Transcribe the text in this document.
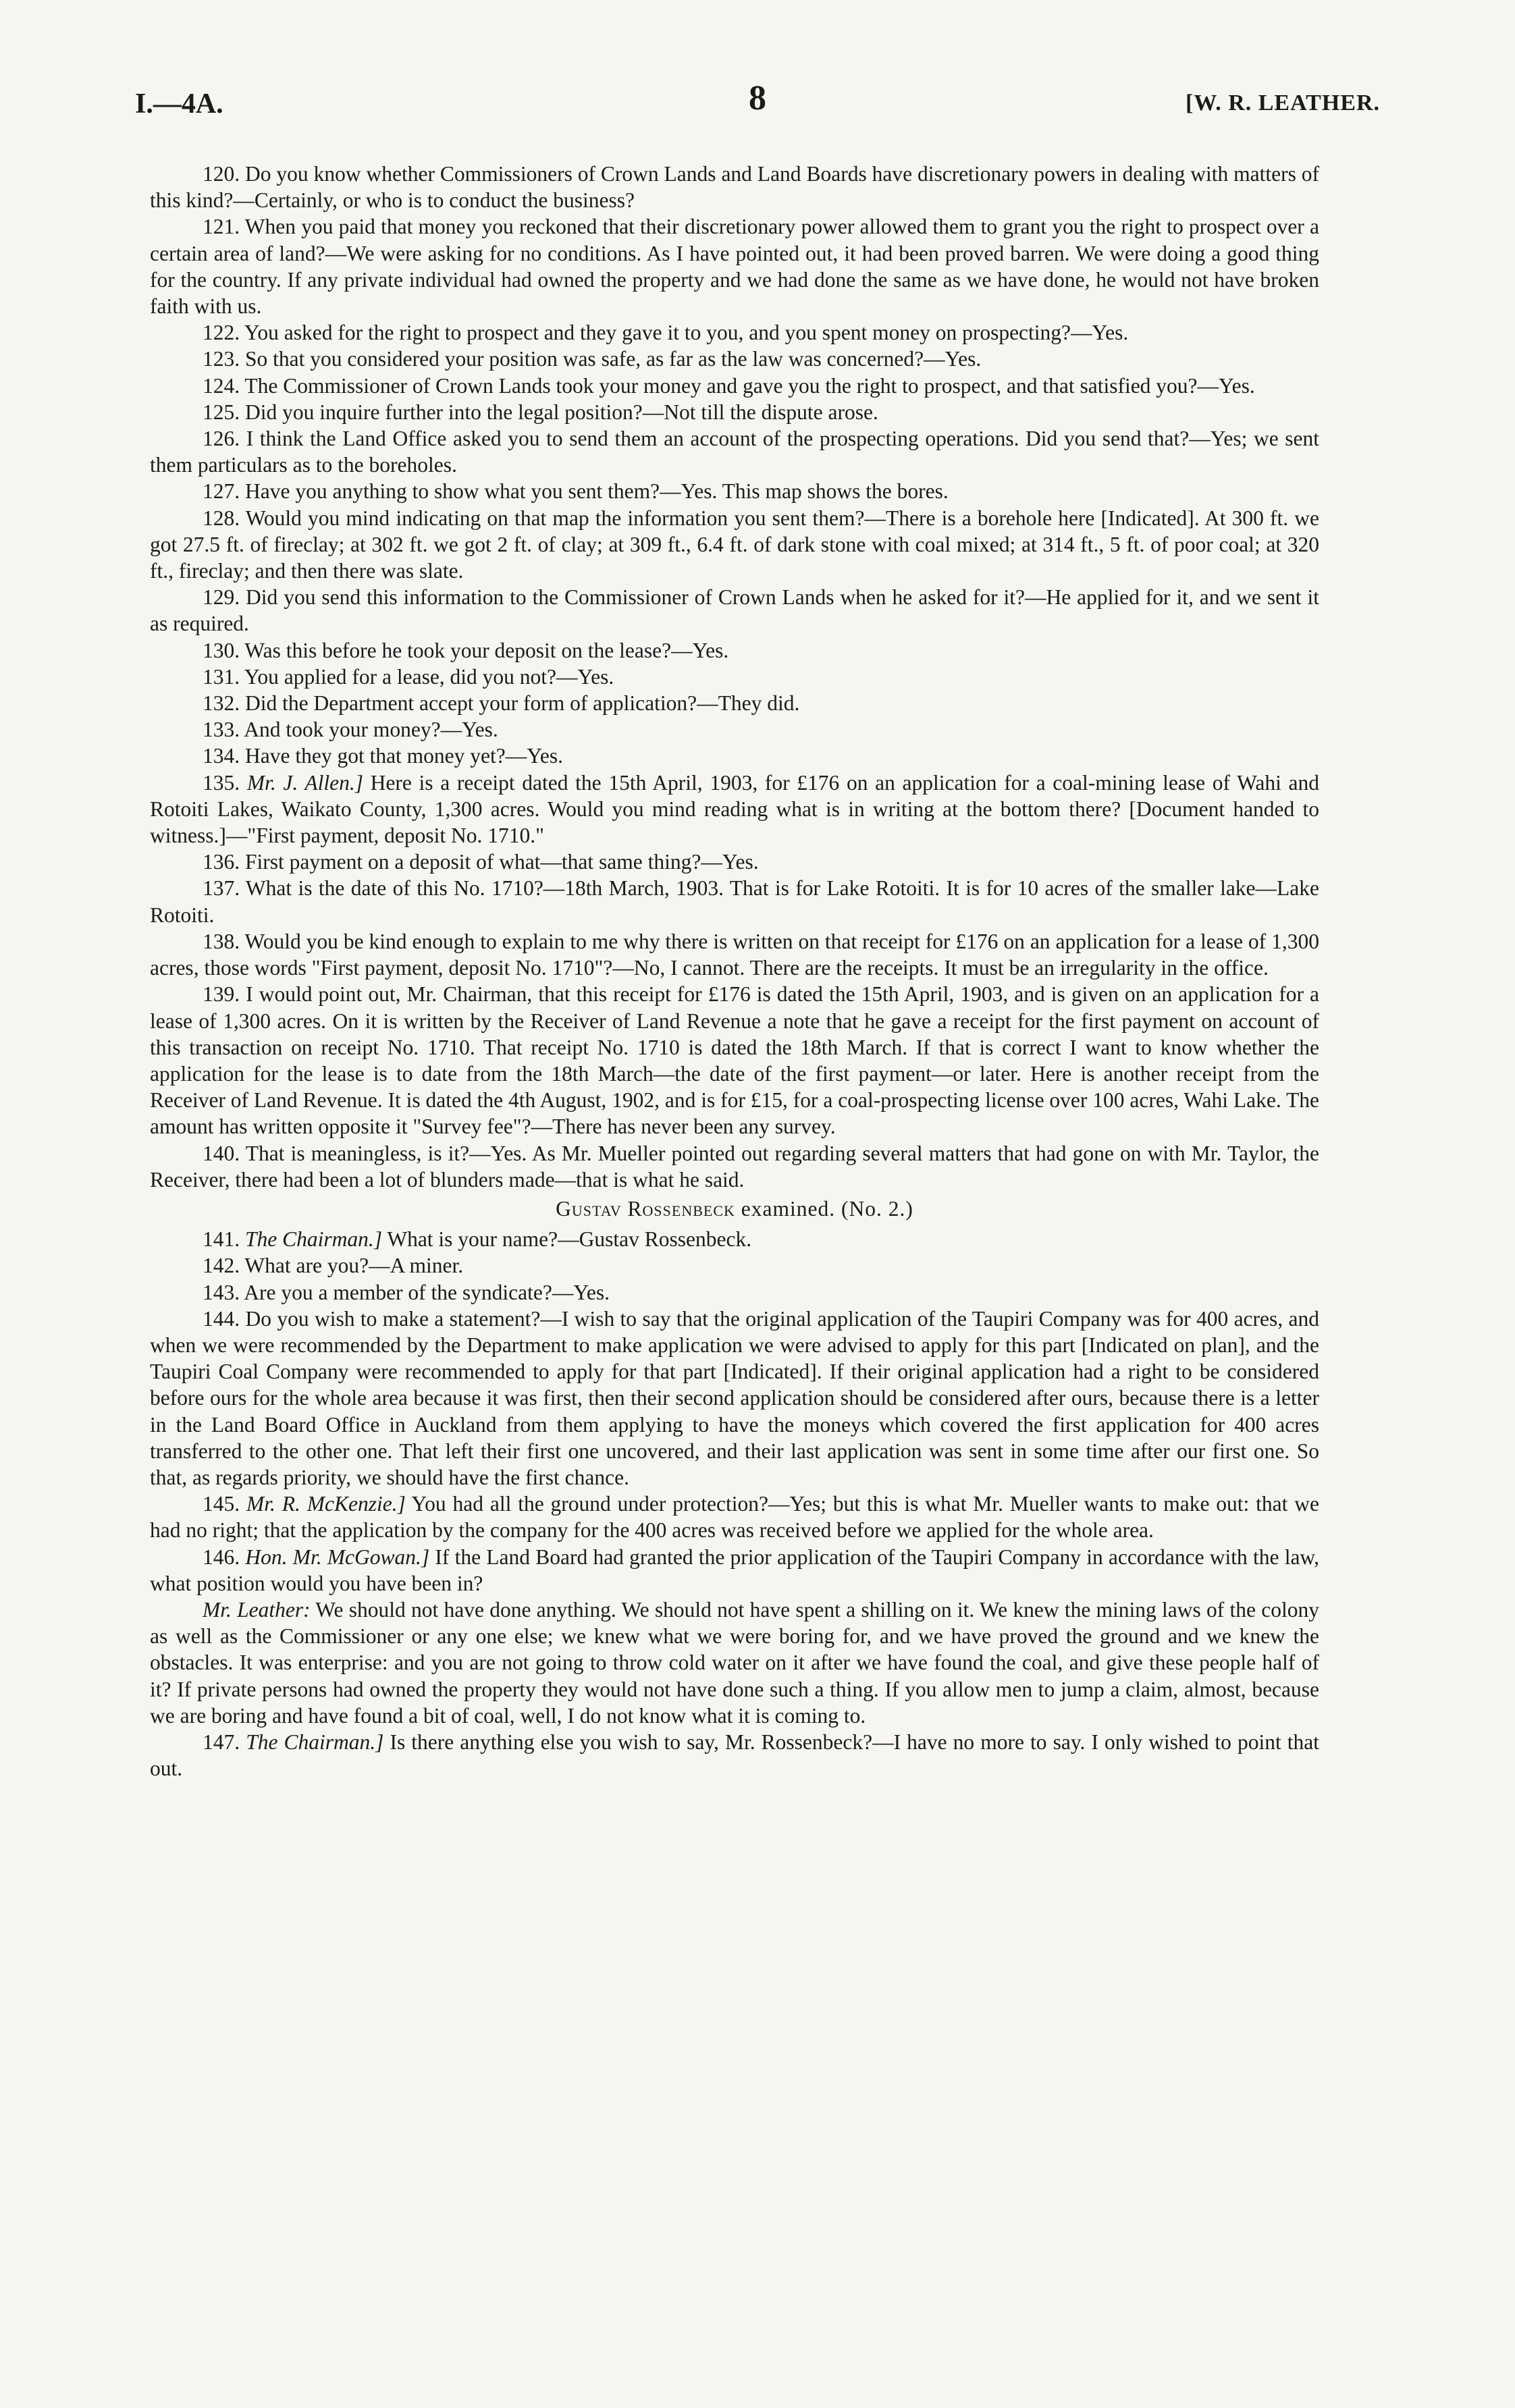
I.—4A.	8	[W. R. LEATHER.

120. Do you know whether Commissioners of Crown Lands and Land Boards have discretionary powers in dealing with matters of this kind?—Certainly, or who is to conduct the business?

121. When you paid that money you reckoned that their discretionary power allowed them to grant you the right to prospect over a certain area of land?—We were asking for no conditions. As I have pointed out, it had been proved barren. We were doing a good thing for the country. If any private individual had owned the property and we had done the same as we have done, he would not have broken faith with us.

122. You asked for the right to prospect and they gave it to you, and you spent money on prospecting?—Yes.

123. So that you considered your position was safe, as far as the law was concerned?—Yes.

124. The Commissioner of Crown Lands took your money and gave you the right to prospect, and that satisfied you?—Yes.

125. Did you inquire further into the legal position?—Not till the dispute arose.

126. I think the Land Office asked you to send them an account of the prospecting operations. Did you send that?—Yes; we sent them particulars as to the boreholes.

127. Have you anything to show what you sent them?—Yes. This map shows the bores.

128. Would you mind indicating on that map the information you sent them?—There is a borehole here [Indicated]. At 300 ft. we got 27.5 ft. of fireclay; at 302 ft. we got 2 ft. of clay; at 309 ft., 6.4 ft. of dark stone with coal mixed; at 314 ft., 5 ft. of poor coal; at 320 ft., fireclay; and then there was slate.

129. Did you send this information to the Commissioner of Crown Lands when he asked for it?—He applied for it, and we sent it as required.

130. Was this before he took your deposit on the lease?—Yes.

131. You applied for a lease, did you not?—Yes.

132. Did the Department accept your form of application?—They did.

133. And took your money?—Yes.

134. Have they got that money yet?—Yes.

135. Mr. J. Allen.] Here is a receipt dated the 15th April, 1903, for £176 on an application for a coal-mining lease of Wahi and Rotoiti Lakes, Waikato County, 1,300 acres. Would you mind reading what is in writing at the bottom there? [Document handed to witness.]—"First payment, deposit No. 1710."

136. First payment on a deposit of what—that same thing?—Yes.

137. What is the date of this No. 1710?—18th March, 1903. That is for Lake Rotoiti. It is for 10 acres of the smaller lake—Lake Rotoiti.

138. Would you be kind enough to explain to me why there is written on that receipt for £176 on an application for a lease of 1,300 acres, those words "First payment, deposit No. 1710"?—No, I cannot. There are the receipts. It must be an irregularity in the office.

139. I would point out, Mr. Chairman, that this receipt for £176 is dated the 15th April, 1903, and is given on an application for a lease of 1,300 acres. On it is written by the Receiver of Land Revenue a note that he gave a receipt for the first payment on account of this transaction on receipt No. 1710. That receipt No. 1710 is dated the 18th March. If that is correct I want to know whether the application for the lease is to date from the 18th March—the date of the first payment—or later. Here is another receipt from the Receiver of Land Revenue. It is dated the 4th August, 1902, and is for £15, for a coal-prospecting license over 100 acres, Wahi Lake. The amount has written opposite it "Survey fee"?—There has never been any survey.

140. That is meaningless, is it?—Yes. As Mr. Mueller pointed out regarding several matters that had gone on with Mr. Taylor, the Receiver, there had been a lot of blunders made—that is what he said.

Gustav Rossenbeck examined. (No. 2.)

141. The Chairman.] What is your name?—Gustav Rossenbeck.

142. What are you?—A miner.

143. Are you a member of the syndicate?—Yes.

144. Do you wish to make a statement?—I wish to say that the original application of the Taupiri Company was for 400 acres, and when we were recommended by the Department to make application we were advised to apply for this part [Indicated on plan], and the Taupiri Coal Company were recommended to apply for that part [Indicated]. If their original application had a right to be considered before ours for the whole area because it was first, then their second application should be considered after ours, because there is a letter in the Land Board Office in Auckland from them applying to have the moneys which covered the first application for 400 acres transferred to the other one. That left their first one uncovered, and their last application was sent in some time after our first one. So that, as regards priority, we should have the first chance.

145. Mr. R. McKenzie.] You had all the ground under protection?—Yes; but this is what Mr. Mueller wants to make out: that we had no right; that the application by the company for the 400 acres was received before we applied for the whole area.

146. Hon. Mr. McGowan.] If the Land Board had granted the prior application of the Taupiri Company in accordance with the law, what position would you have been in?

Mr. Leather: We should not have done anything. We should not have spent a shilling on it. We knew the mining laws of the colony as well as the Commissioner or any one else; we knew what we were boring for, and we have proved the ground and we knew the obstacles. It was enterprise: and you are not going to throw cold water on it after we have found the coal, and give these people half of it? If private persons had owned the property they would not have done such a thing. If you allow men to jump a claim, almost, because we are boring and have found a bit of coal, well, I do not know what it is coming to.

147. The Chairman.] Is there anything else you wish to say, Mr. Rossenbeck?—I have no more to say. I only wished to point that out.
